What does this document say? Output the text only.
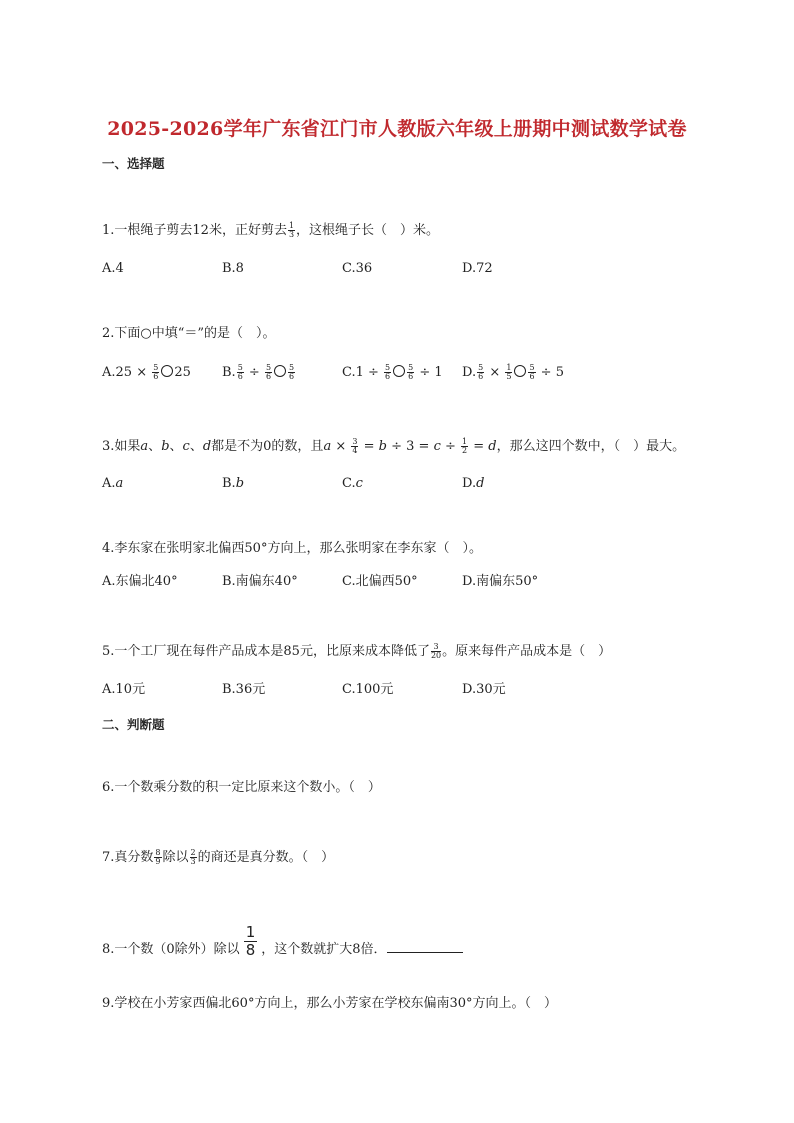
2025-2026学年广东省江门市人教版六年级上册期中测试数学试卷
一、选择题
1.一根绳子剪去12米，正好剪去 $\frac{1}{3}$ ，这根绳子长（　）米。
A.4	B.8	C.36	D.72
2.下面○中填“＝”的是（　）。
$A.25 \times \frac{5}{6} 25$ B. $\frac{5}{6} \div \frac{5}{6} \frac{5}{6}$	$C.1 \div \frac{5}{6} \frac{5}{6} \div 1$ D. $\frac{5}{6} \times \frac{1}{5} \frac{5}{6} \div 5$
3.如果a、b、c、d都是不为0的数，且$a \times \frac{3}{4} = b \div 3 = c \div \frac{1}{2} = d$，那么这四个数中，（　）最大。
A.a	B.b	C.c	D.d
4.李东家在张明家北偏西50°方向上，那么张明家在李东家（　）。
A.东偏北40°	B.南偏东40°	C.北偏西50°	D.南偏东50°
5.一个工厂现在每件产品成本是85元，比原来成本降低了 $\frac{3}{20}$ 。原来每件产品成本是（　）
A.10元	B.36元	C.100元	D.30元
二、判断题
6.一个数乘分数的积一定比原来这个数小。（　）
7.真分数 $\frac{8}{9}$ 除以 $\frac{2}{3}$ 的商还是真分数。（　）
8.一个数（0除外）除以 $\frac{1}{8}$ ，这个数就扩大8倍．
9.学校在小芳家西偏北60°方向上，那么小芳家在学校东偏南30°方向上。（　）
